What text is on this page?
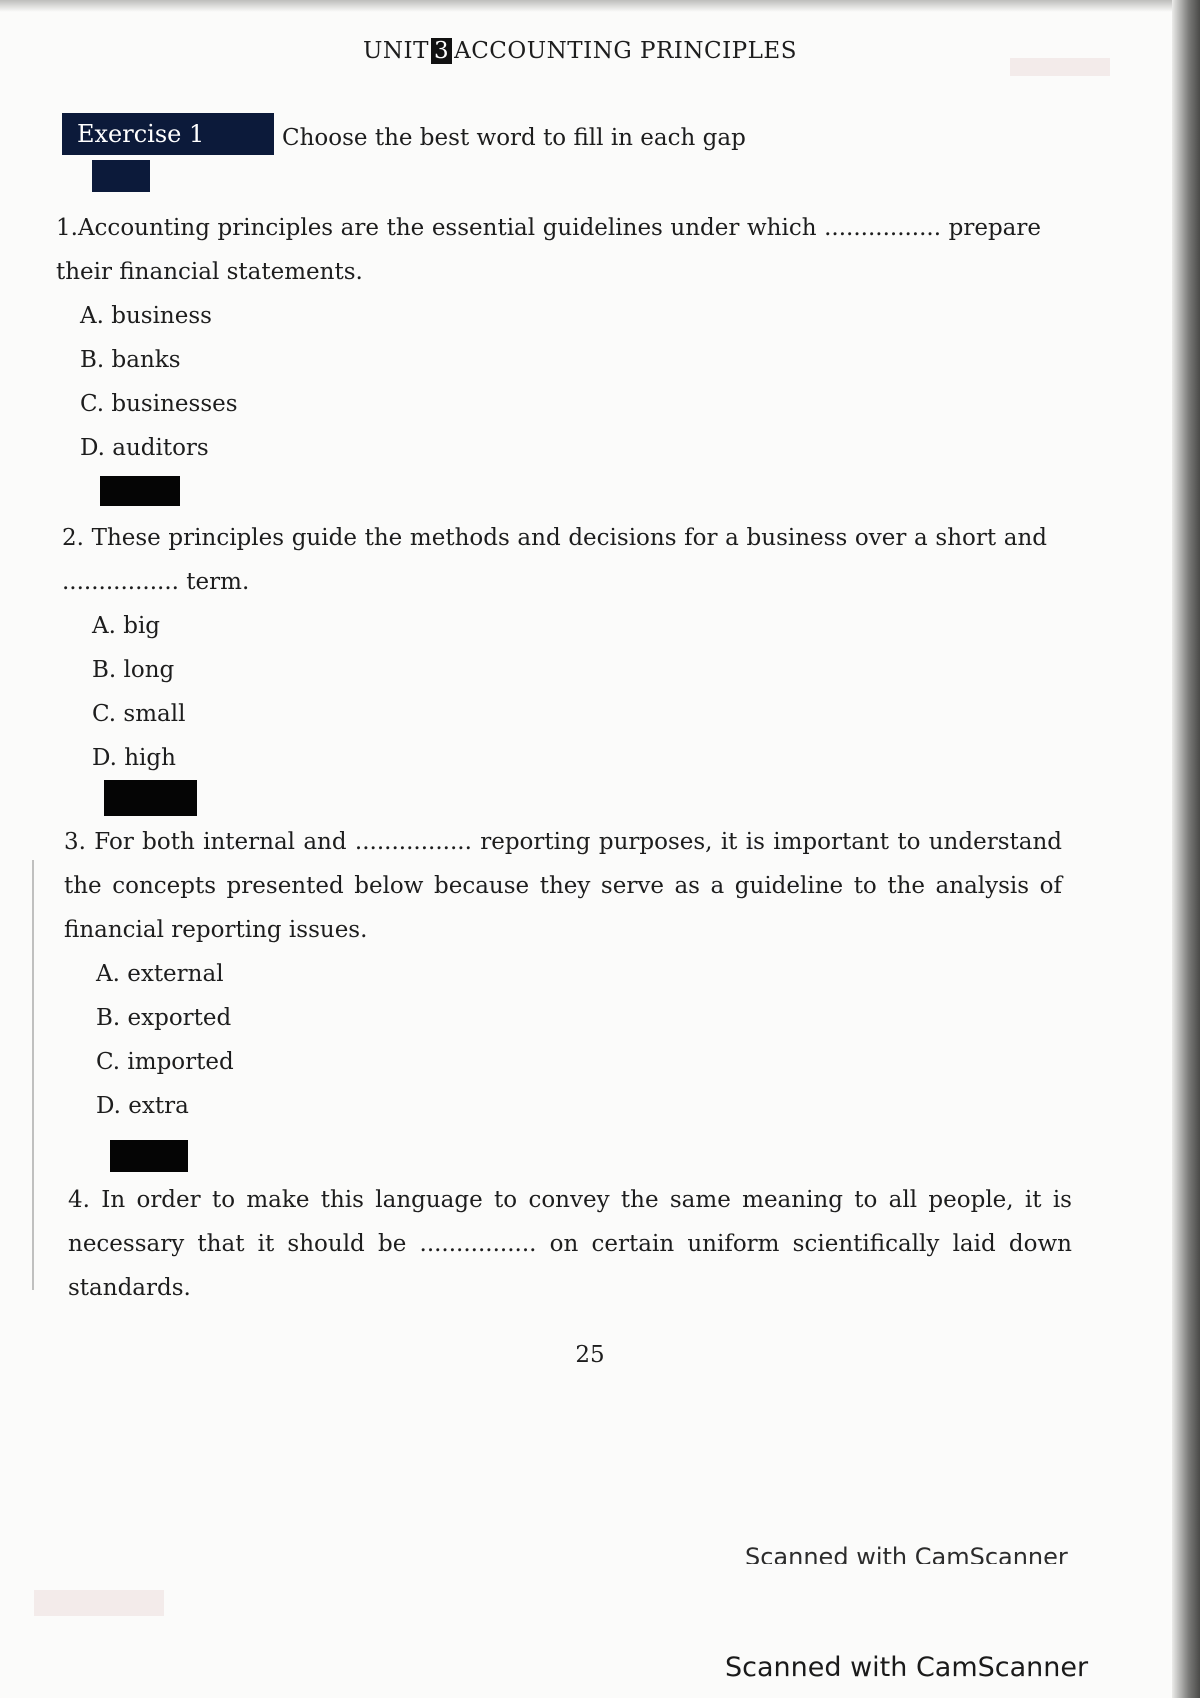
UNIT 3 ACCOUNTING PRINCIPLES
Exercise 1	Choose the best word to fill in each gap
1.Accounting principles are the essential guidelines under which ................ prepare their financial statements.
A. business
B. banks
C. businesses
D. auditors
2. These principles guide the methods and decisions for a business over a short and ................ term.
A. big
B. long
C. small
D. high
3. For both internal and ................ reporting purposes, it is important to understand the concepts presented below because they serve as a guideline to the analysis of financial reporting issues.
A. external
B. exported
C. imported
D. extra
4. In order to make this language to convey the same meaning to all people, it is necessary that it should be ................ on certain uniform scientifically laid down standards.
25
Scanned with CamScanner
Scanned with CamScanner
